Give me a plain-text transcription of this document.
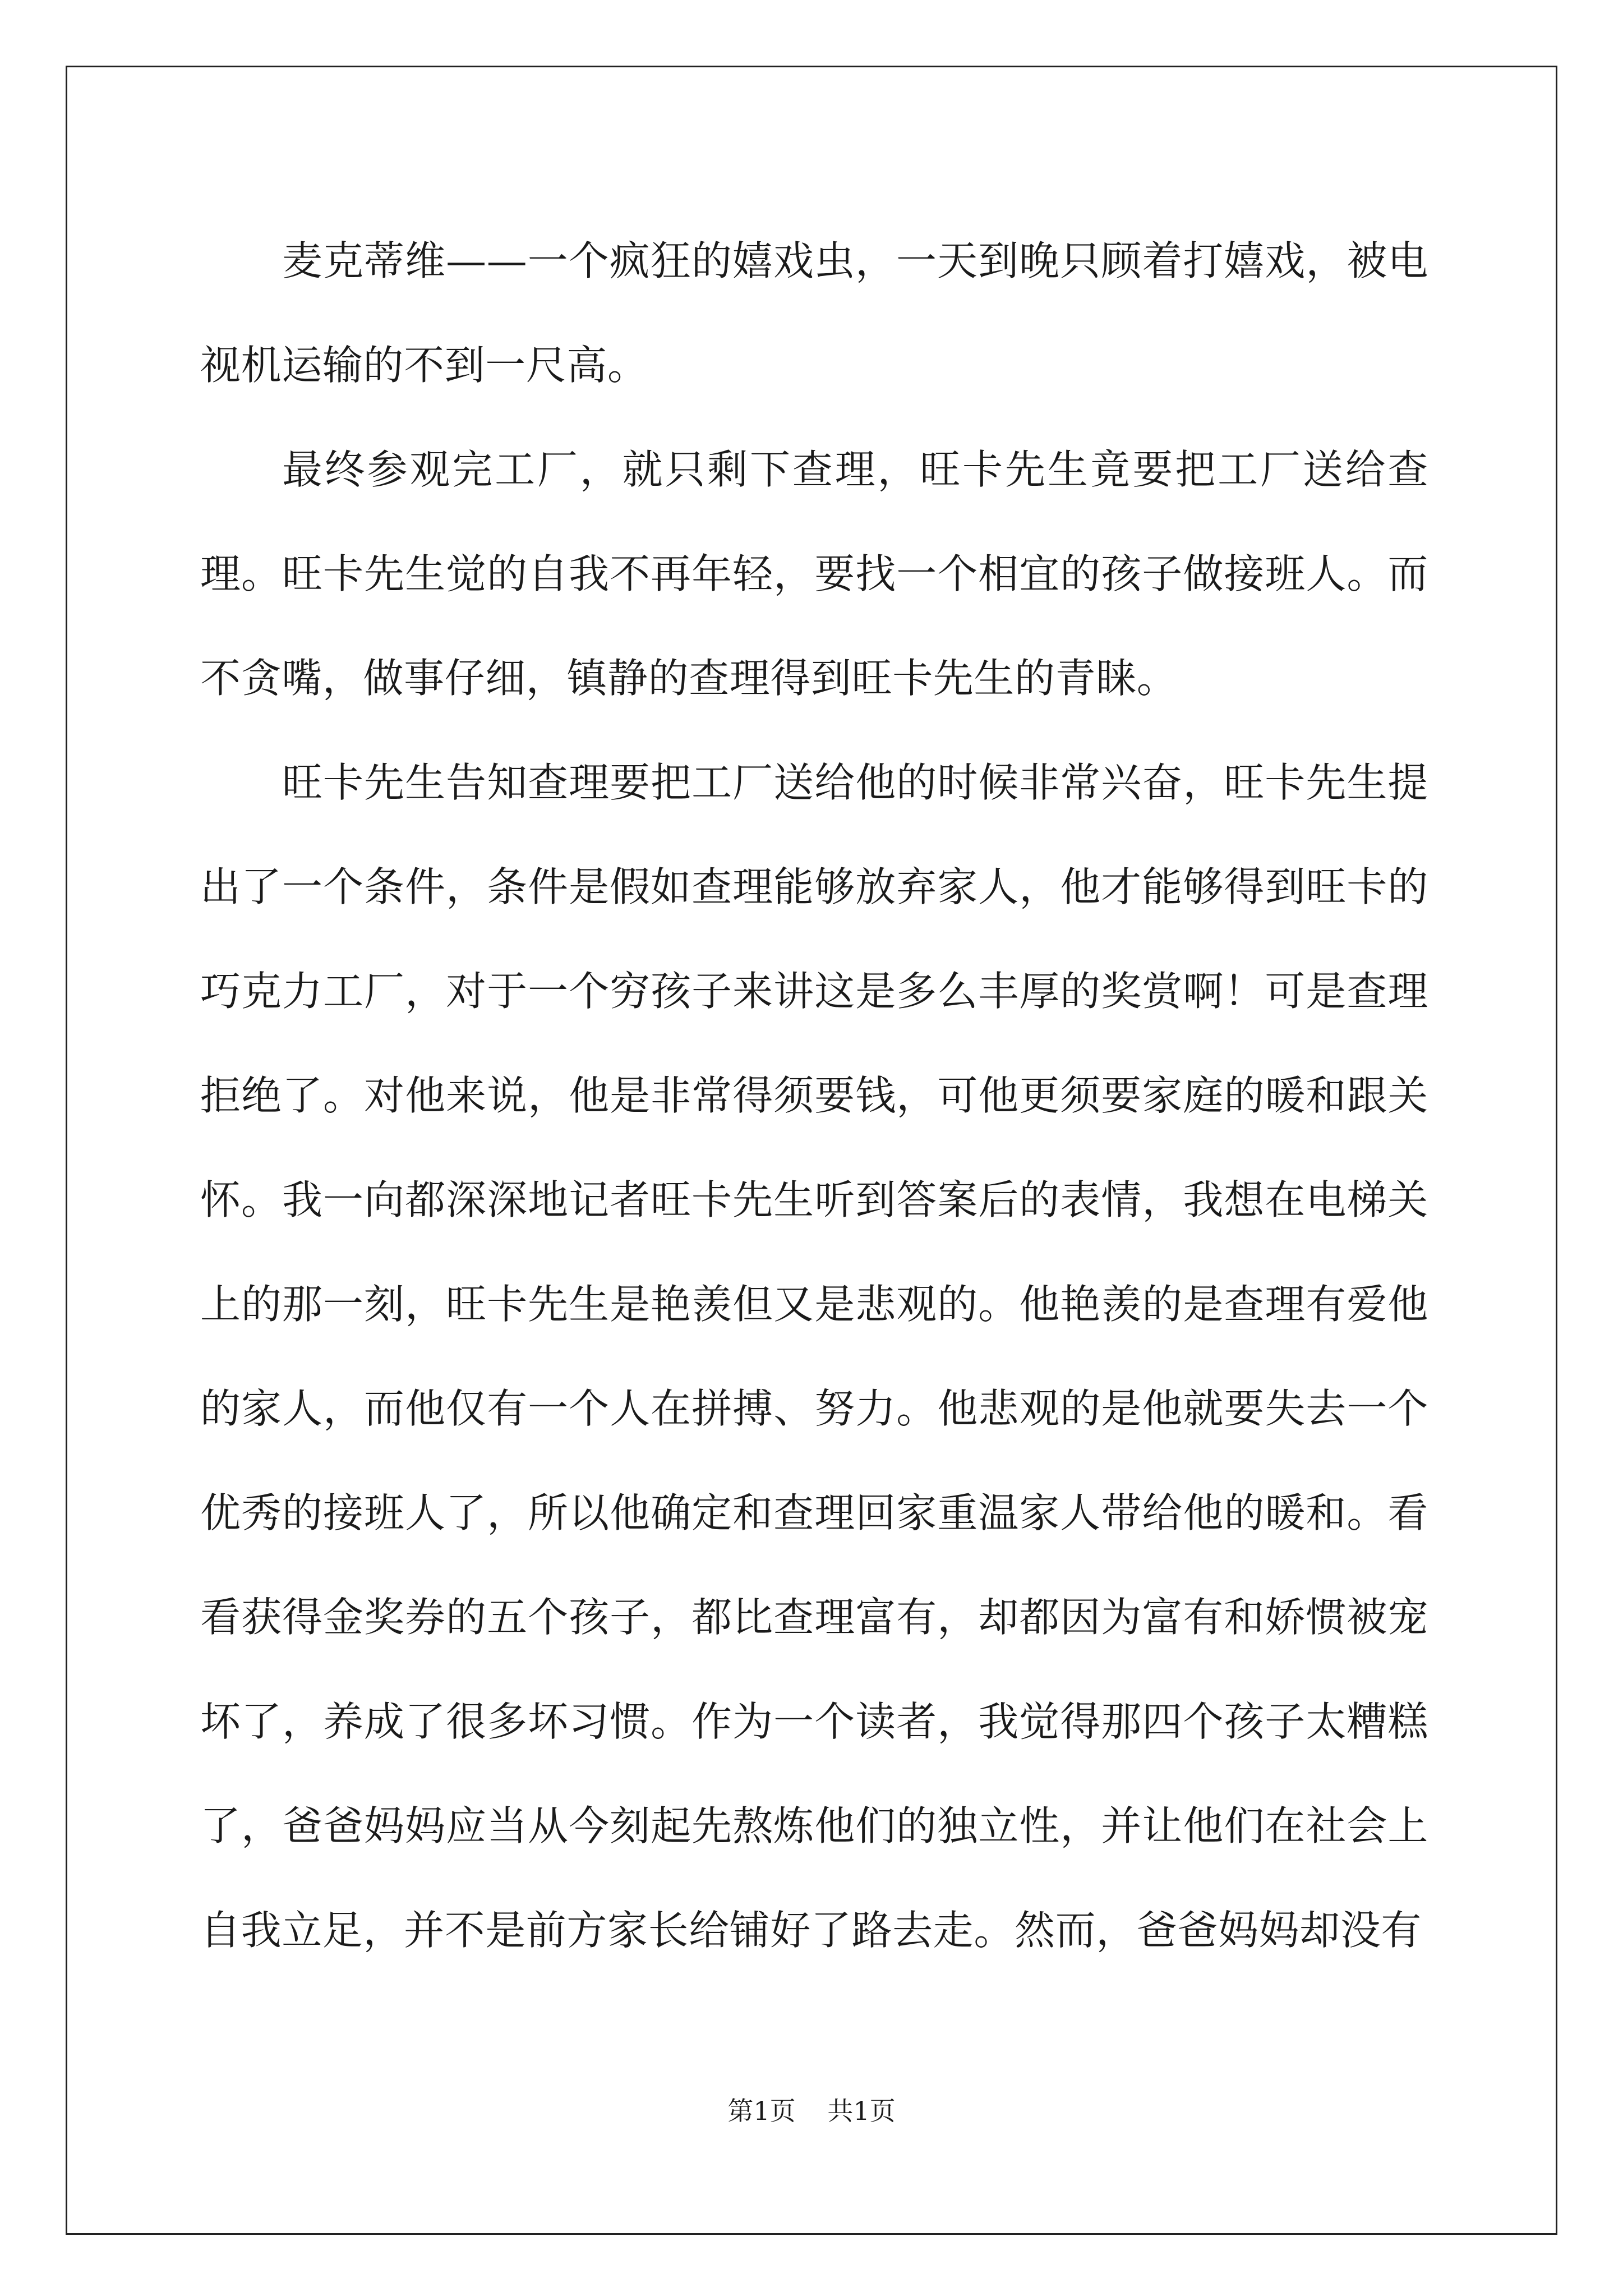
麦克蒂维——一个疯狂的嬉戏虫，一天到晚只顾着打嬉戏，被电视机运输的不到一尺高。

最终参观完工厂，就只剩下查理，旺卡先生竟要把工厂送给查理。旺卡先生觉的自我不再年轻，要找一个相宜的孩子做接班人。而不贪嘴，做事仔细，镇静的查理得到旺卡先生的青睐。

旺卡先生告知查理要把工厂送给他的时候非常兴奋，旺卡先生提出了一个条件，条件是假如查理能够放弃家人，他才能够得到旺卡的巧克力工厂，对于一个穷孩子来讲这是多么丰厚的奖赏啊！可是查理拒绝了。对他来说，他是非常得须要钱，可他更须要家庭的暖和跟关怀。我一向都深深地记者旺卡先生听到答案后的表情，我想在电梯关上的那一刻，旺卡先生是艳羡但又是悲观的。他艳羡的是查理有爱他的家人，而他仅有一个人在拼搏、努力。他悲观的是他就要失去一个优秀的接班人了，所以他确定和查理回家重温家人带给他的暖和。看看获得金奖券的五个孩子，都比查理富有，却都因为富有和娇惯被宠坏了，养成了很多坏习惯。作为一个读者，我觉得那四个孩子太糟糕了，爸爸妈妈应当从今刻起先熬炼他们的独立性，并让他们在社会上自我立足，并不是前方家长给铺好了路去走。然而，爸爸妈妈却没有

第1页 共1页
